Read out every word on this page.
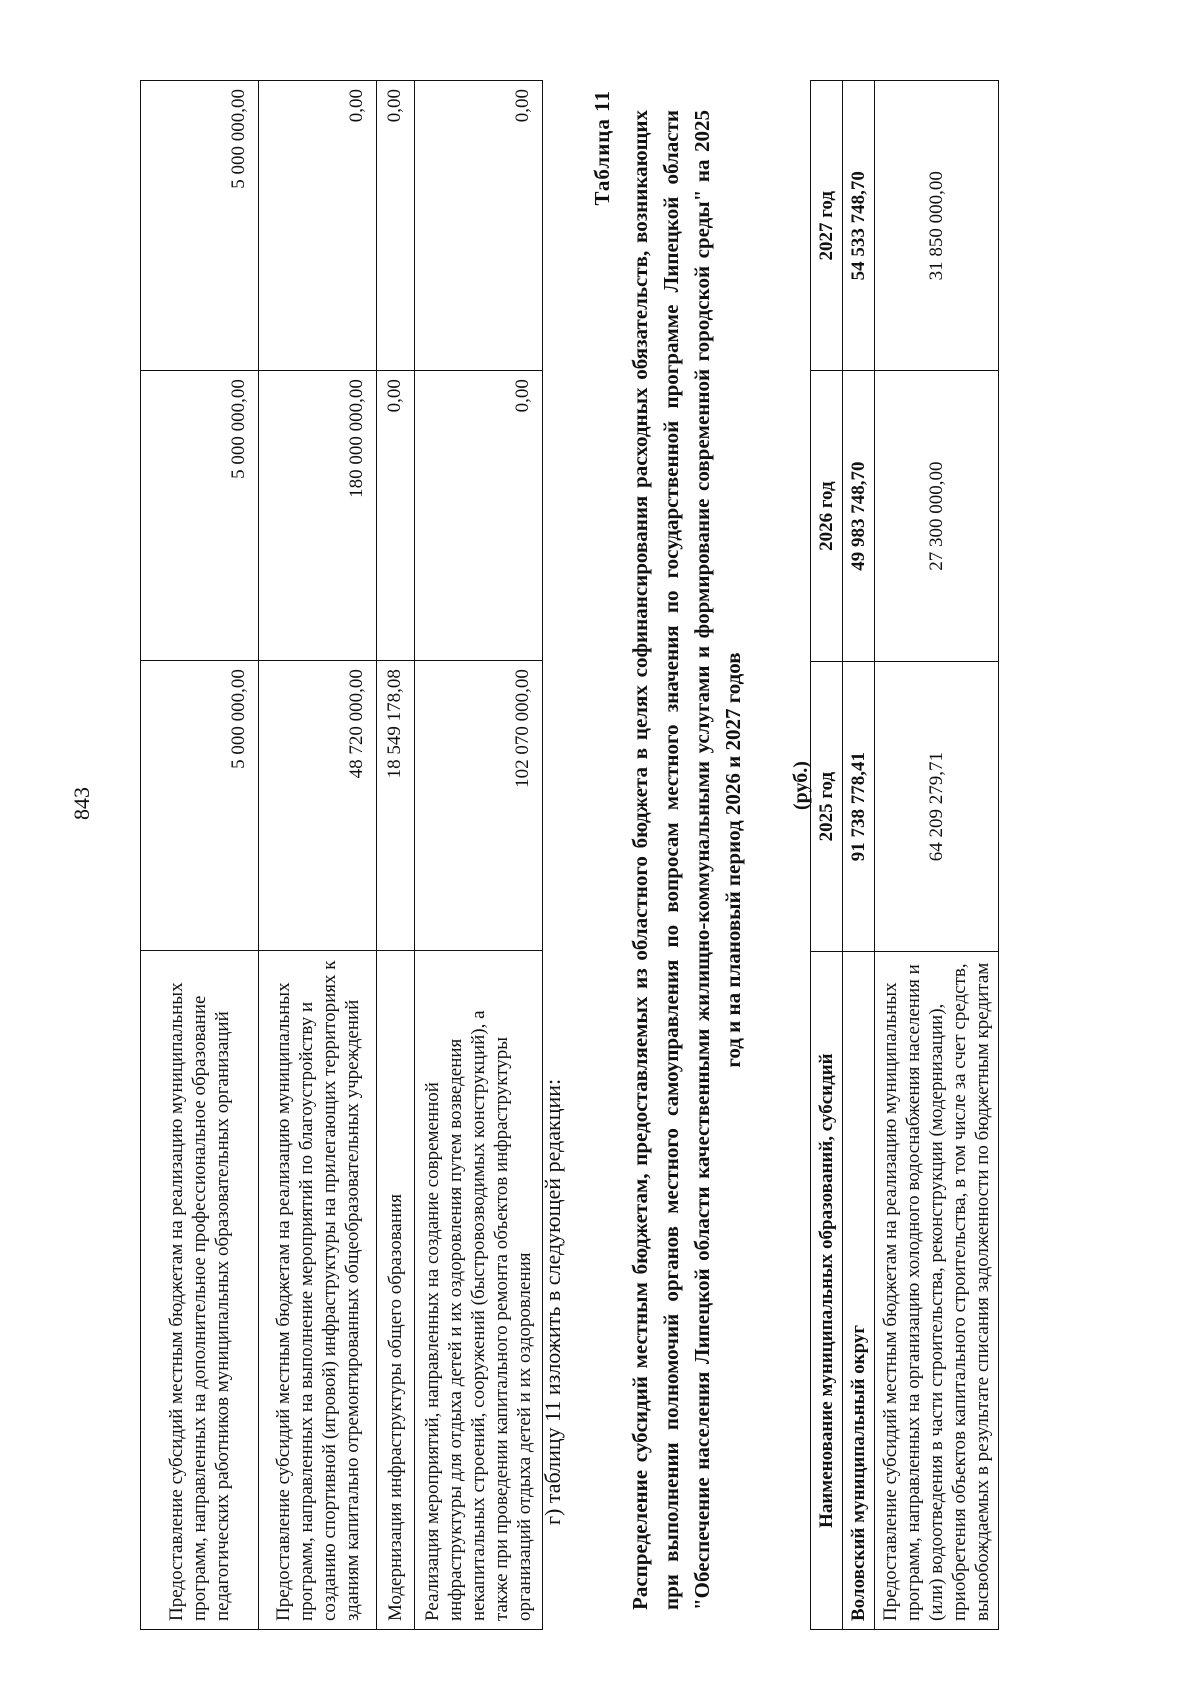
843
Предоставление субсидий местным бюджетам на реализацию муниципальных программ, направленных на дополнительное профессиональное образование педагогических работников муниципальных образовательных организаций	5 000 000,00	5 000 000,00	5 000 000,00
Предоставление субсидий местным бюджетам на реализацию муниципальных программ, направленных на выполнение мероприятий по благоустройству и созданию спортивной (игровой) инфраструктуры на прилегающих территориях к зданиям капитально отремонтированных общеобразовательных учреждений	48 720 000,00	180 000 000,00	0,00
Модернизация инфраструктуры общего образования	18 549 178,08	0,00	0,00
Реализация мероприятий, направленных на создание современной инфраструктуры для отдыха детей и их оздоровления путем возведения некапитальных строений, сооружений (быстровозводимых конструкций), а также при проведении капитального ремонта объектов инфраструктуры организаций отдыха детей и их оздоровления	102 070 000,00	0,00	0,00
г) таблицу 11 изложить в следующей редакции:
Таблица 11 Распределение субсидий местным бюджетам, предоставляемых из областного бюджета в целях софинансирования расходных обязательств, возникающих при выполнении полномочий органов местного самоуправления по вопросам местного значения по государственной программе Липецкой области "Обеспечение населения Липецкой области качественными жилищно-коммунальными услугами и формирование современной городской среды" на 2025 год и на плановый период 2026 и 2027 годов (руб.)
Наименование муниципальных образований, субсидий	2025 год	2026 год	2027 год
Воловский муниципальный округ	91 738 778,41	49 983 748,70	54 533 748,70
Предоставление субсидий местным бюджетам на реализацию муниципальных программ, направленных на организацию холодного водоснабжения населения и (или) водоотведения в части строительства, реконструкции (модернизации), приобретения объектов капитального строительства, в том числе за счет средств, высвобождаемых в результате списания задолженности по бюджетным кредитам	64 209 279,71	27 300 000,00	31 850 000,00
